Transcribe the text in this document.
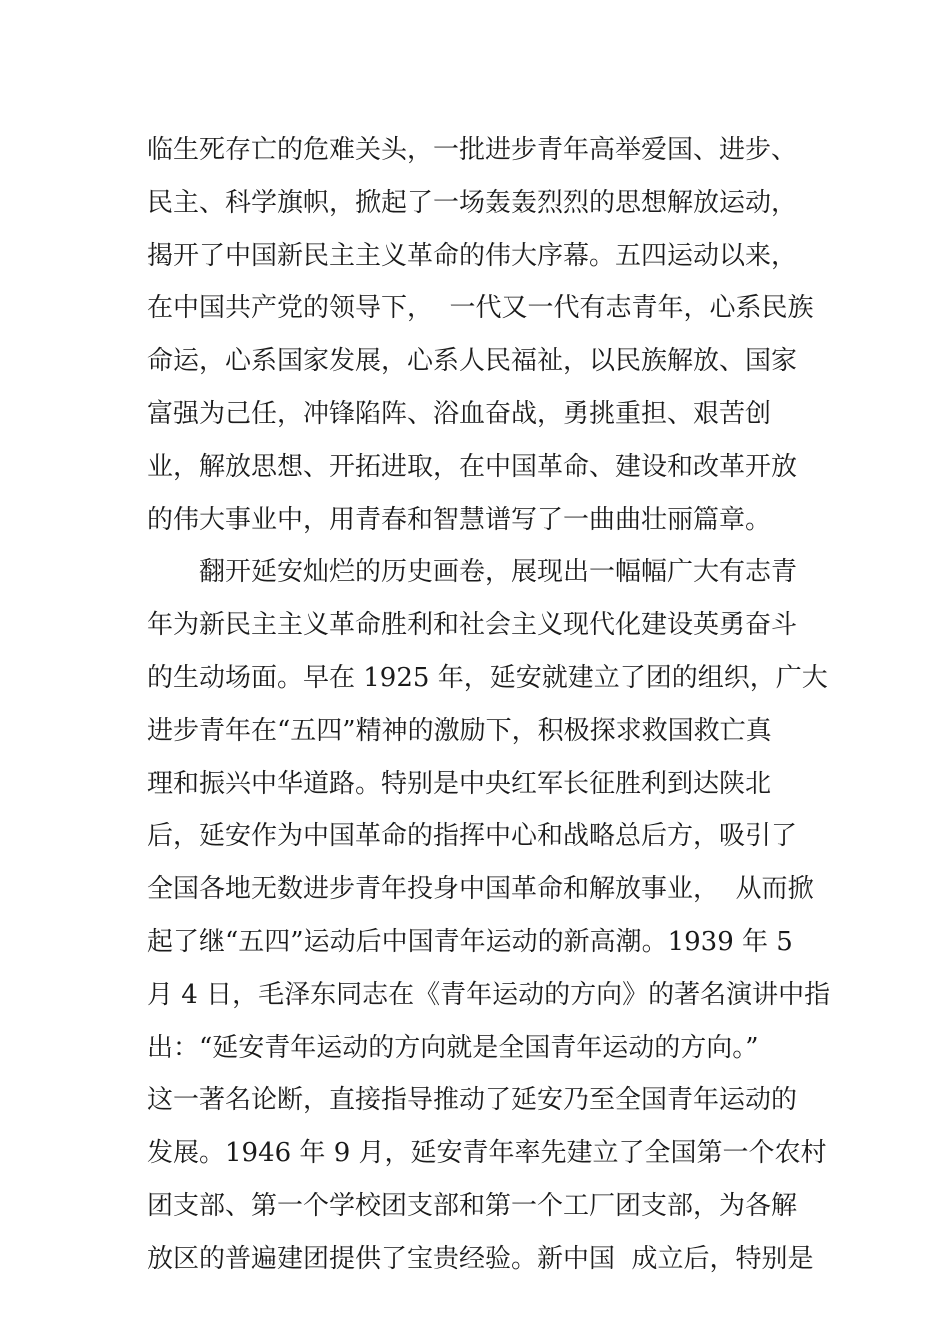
临生死存亡的危难关头，一批进步青年高举爱国、进步、
民主、科学旗帜，掀起了一场轰轰烈烈的思想解放运动，
揭开了中国新民主主义革命的伟大序幕。五四运动以来，
在中国共产党的领导下，  一代又一代有志青年，心系民族
命运，心系国家发展，心系人民福祉，以民族解放、国家
富强为己任，冲锋陷阵、浴血奋战，勇挑重担、艰苦创
业，解放思想、开拓进取，在中国革命、建设和改革开放
的伟大事业中，用青春和智慧谱写了一曲曲壮丽篇章。
翻开延安灿烂的历史画卷，展现出一幅幅广大有志青
年为新民主主义革命胜利和社会主义现代化建设英勇奋斗
的生动场面。早在 1925 年，延安就建立了团的组织，广大
进步青年在“五四”精神的激励下，积极探求救国救亡真
理和振兴中华道路。特别是中央红军长征胜利到达陕北
后，延安作为中国革命的指挥中心和战略总后方，吸引了
全国各地无数进步青年投身中国革命和解放事业，  从而掀
起了继“五四”运动后中国青年运动的新高潮。1939 年 5
月 4 日，毛泽东同志在《青年运动的方向》的著名演讲中指
出：“延安青年运动的方向就是全国青年运动的方向。”
这一著名论断，直接指导推动了延安乃至全国青年运动的
发展。1946 年 9 月，延安青年率先建立了全国第一个农村
团支部、第一个学校团支部和第一个工厂团支部，为各解
放区的普遍建团提供了宝贵经验。新中国  成立后，特别是
